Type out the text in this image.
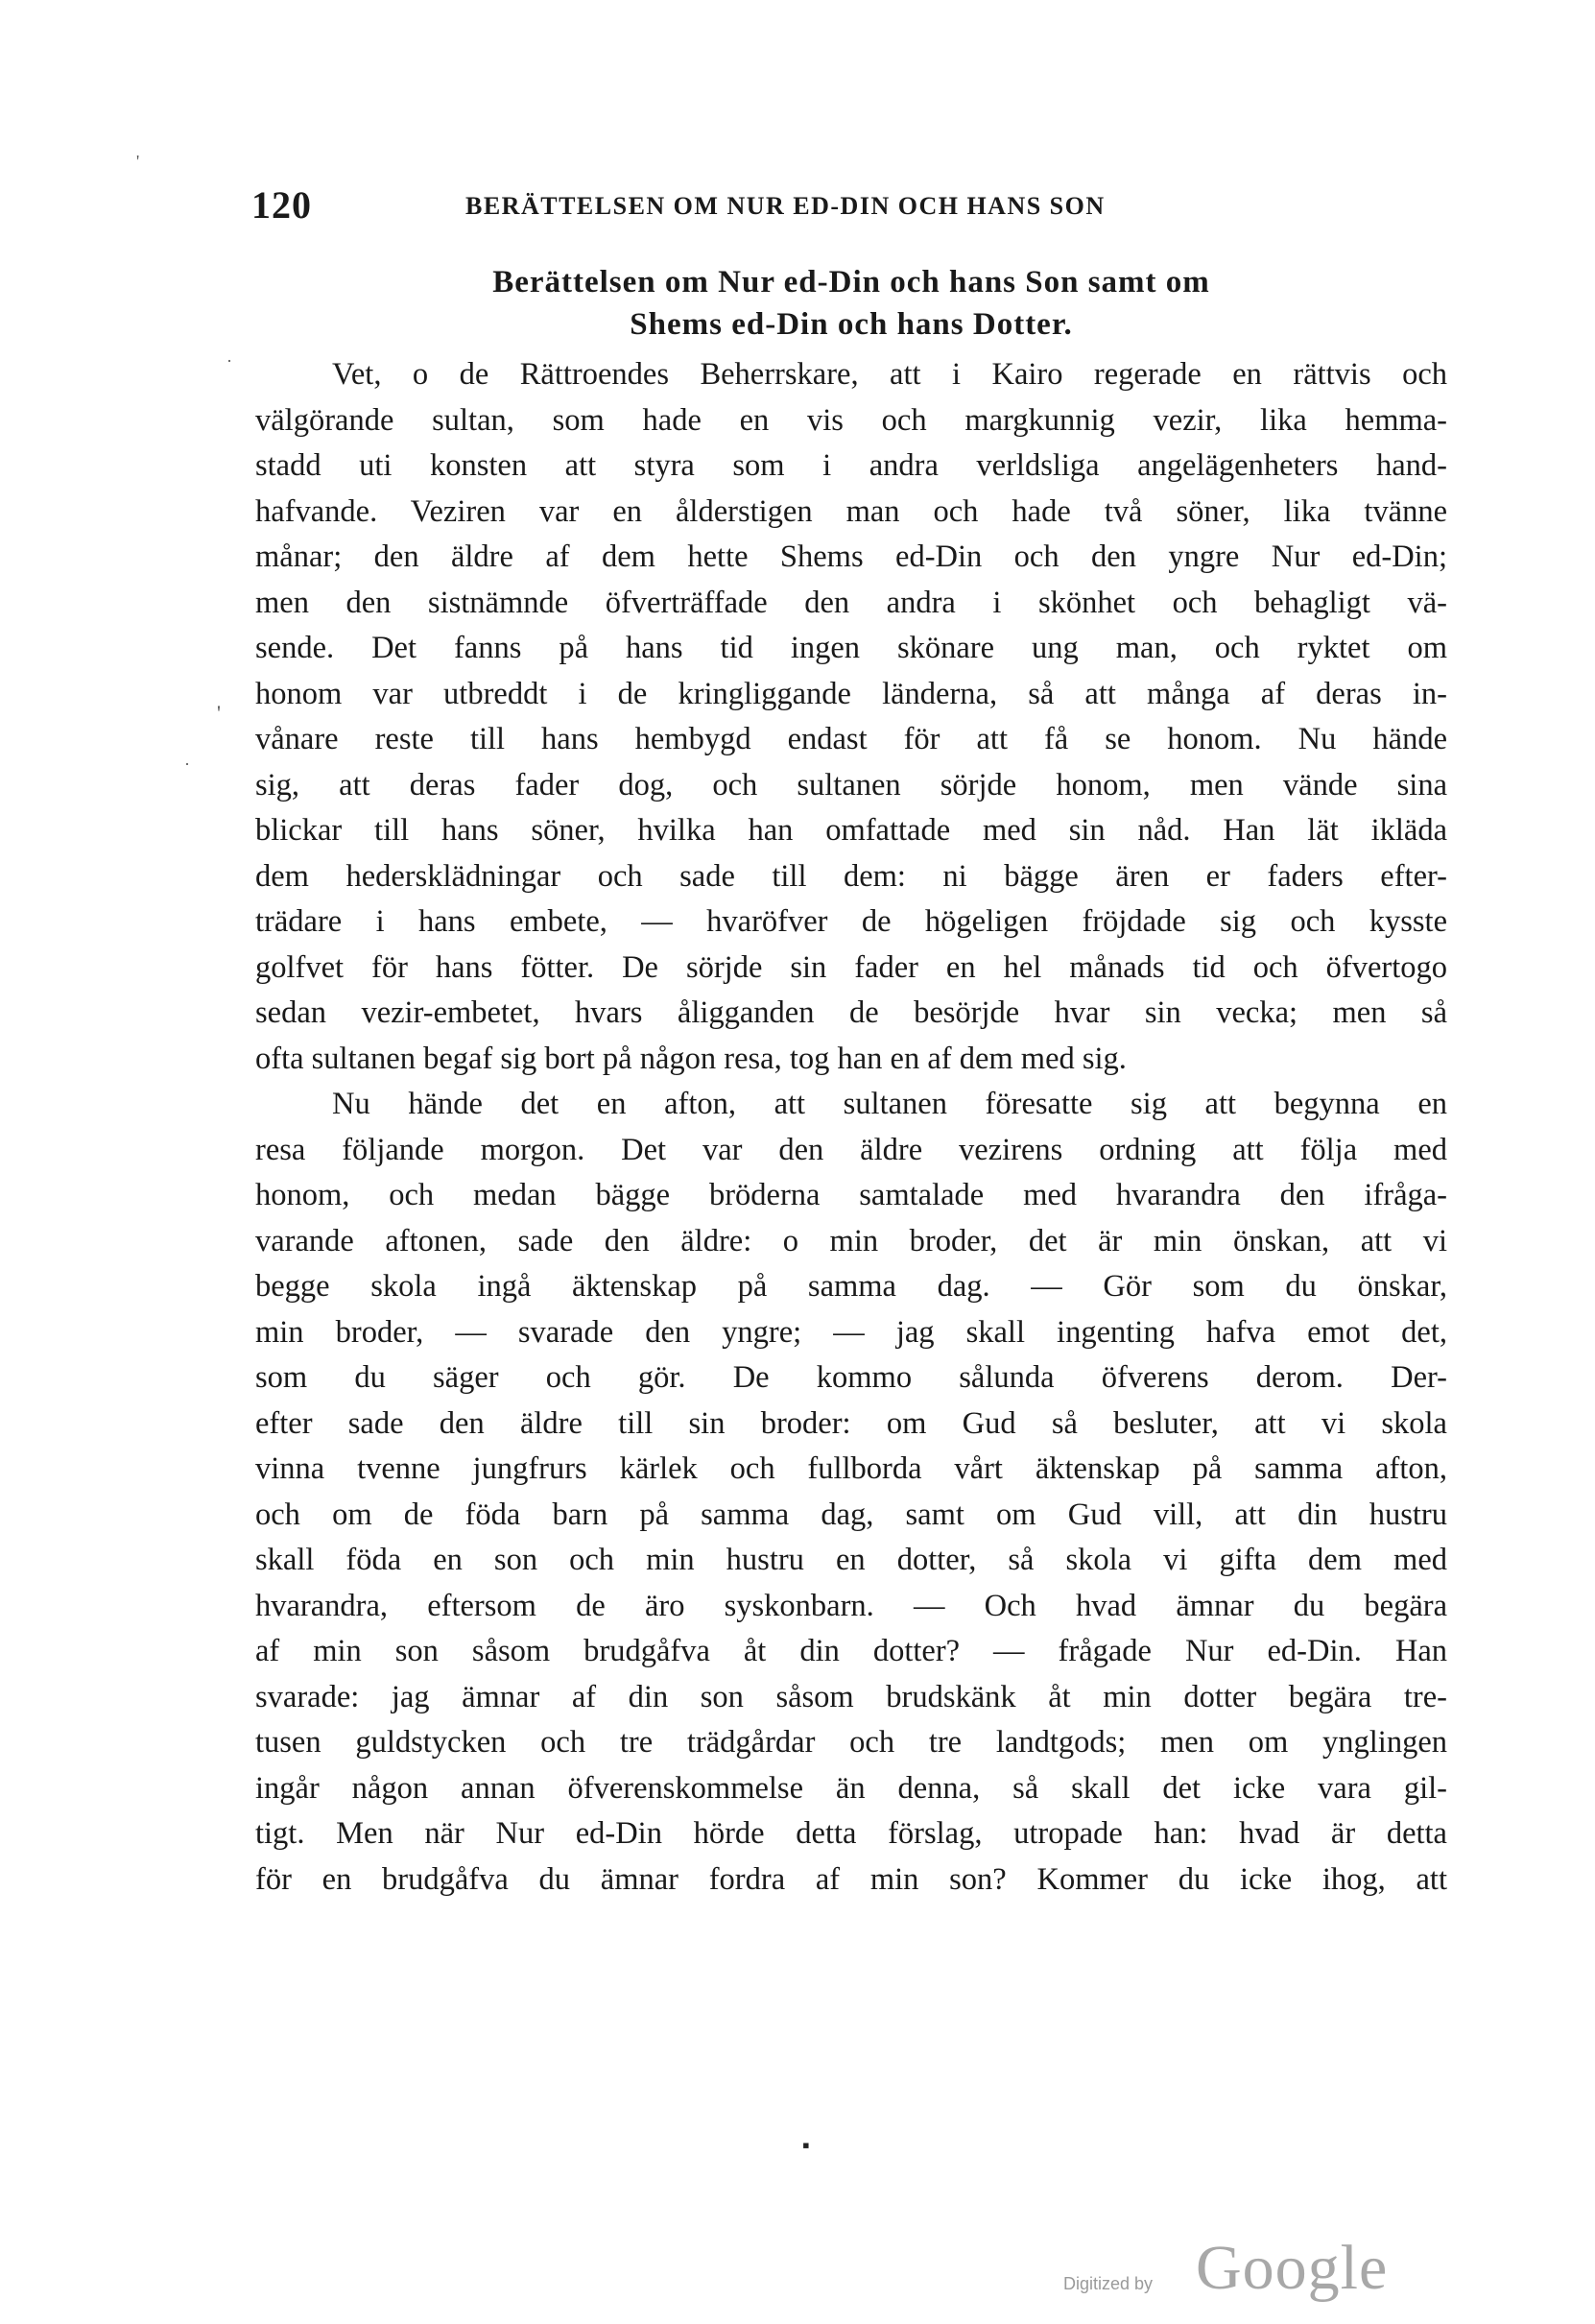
120	BERÄTTELSEN OM NUR ED-DIN OCH HANS SON
Berättelsen om Nur ed-Din och hans Son samt om
Shems ed-Din och hans Dotter.
Vet, o de Rättroendes Beherrskare, att i Kairo regerade en rättvis och
välgörande sultan, som hade en vis och margkunnig vezir, lika hemma-
stadd uti konsten att styra som i andra verldsliga angelägenheters hand-
hafvande. Veziren var en ålderstigen man och hade två söner, lika tvänne
månar; den äldre af dem hette Shems ed-Din och den yngre Nur ed-Din;
men den sistnämnde öfverträffade den andra i skönhet och behagligt vä-
sende. Det fanns på hans tid ingen skönare ung man, och ryktet om
honom var utbreddt i de kringliggande länderna, så att många af deras in-
vånare reste till hans hembygd endast för att få se honom. Nu hände
sig, att deras fader dog, och sultanen sörjde honom, men vände sina
blickar till hans söner, hvilka han omfattade med sin nåd. Han lät ikläda
dem hedersklädningar och sade till dem: ni bägge ären er faders efter-
trädare i hans embete, — hvaröfver de högeligen fröjdade sig och kysste
golfvet för hans fötter. De sörjde sin fader en hel månads tid och öfvertogo
sedan vezir-embetet, hvars åligganden de besörjde hvar sin vecka; men så
ofta sultanen begaf sig bort på någon resa, tog han en af dem med sig.
Nu hände det en afton, att sultanen föresatte sig att begynna en
resa följande morgon. Det var den äldre vezirens ordning att följa med
honom, och medan bägge bröderna samtalade med hvarandra den ifråga-
varande aftonen, sade den äldre: o min broder, det är min önskan, att vi
begge skola ingå äktenskap på samma dag. — Gör som du önskar,
min broder, — svarade den yngre; — jag skall ingenting hafva emot det,
som du säger och gör. De kommo sålunda öfverens derom. Der-
efter sade den äldre till sin broder: om Gud så besluter, att vi skola
vinna tvenne jungfrurs kärlek och fullborda vårt äktenskap på samma afton,
och om de föda barn på samma dag, samt om Gud vill, att din hustru
skall föda en son och min hustru en dotter, så skola vi gifta dem med
hvarandra, eftersom de äro syskonbarn. — Och hvad ämnar du begära
af min son såsom brudgåfva åt din dotter? — frågade Nur ed-Din. Han
svarade: jag ämnar af din son såsom brudskänk åt min dotter begära tre-
tusen guldstycken och tre trädgårdar och tre landtgods; men om ynglingen
ingår någon annan öfverenskommelse än denna, så skall det icke vara gil-
tigt. Men när Nur ed-Din hörde detta förslag, utropade han: hvad är detta
för en brudgåfva du ämnar fordra af min son? Kommer du icke ihog, att
'
'
·
·
▪
Digitized by Google
